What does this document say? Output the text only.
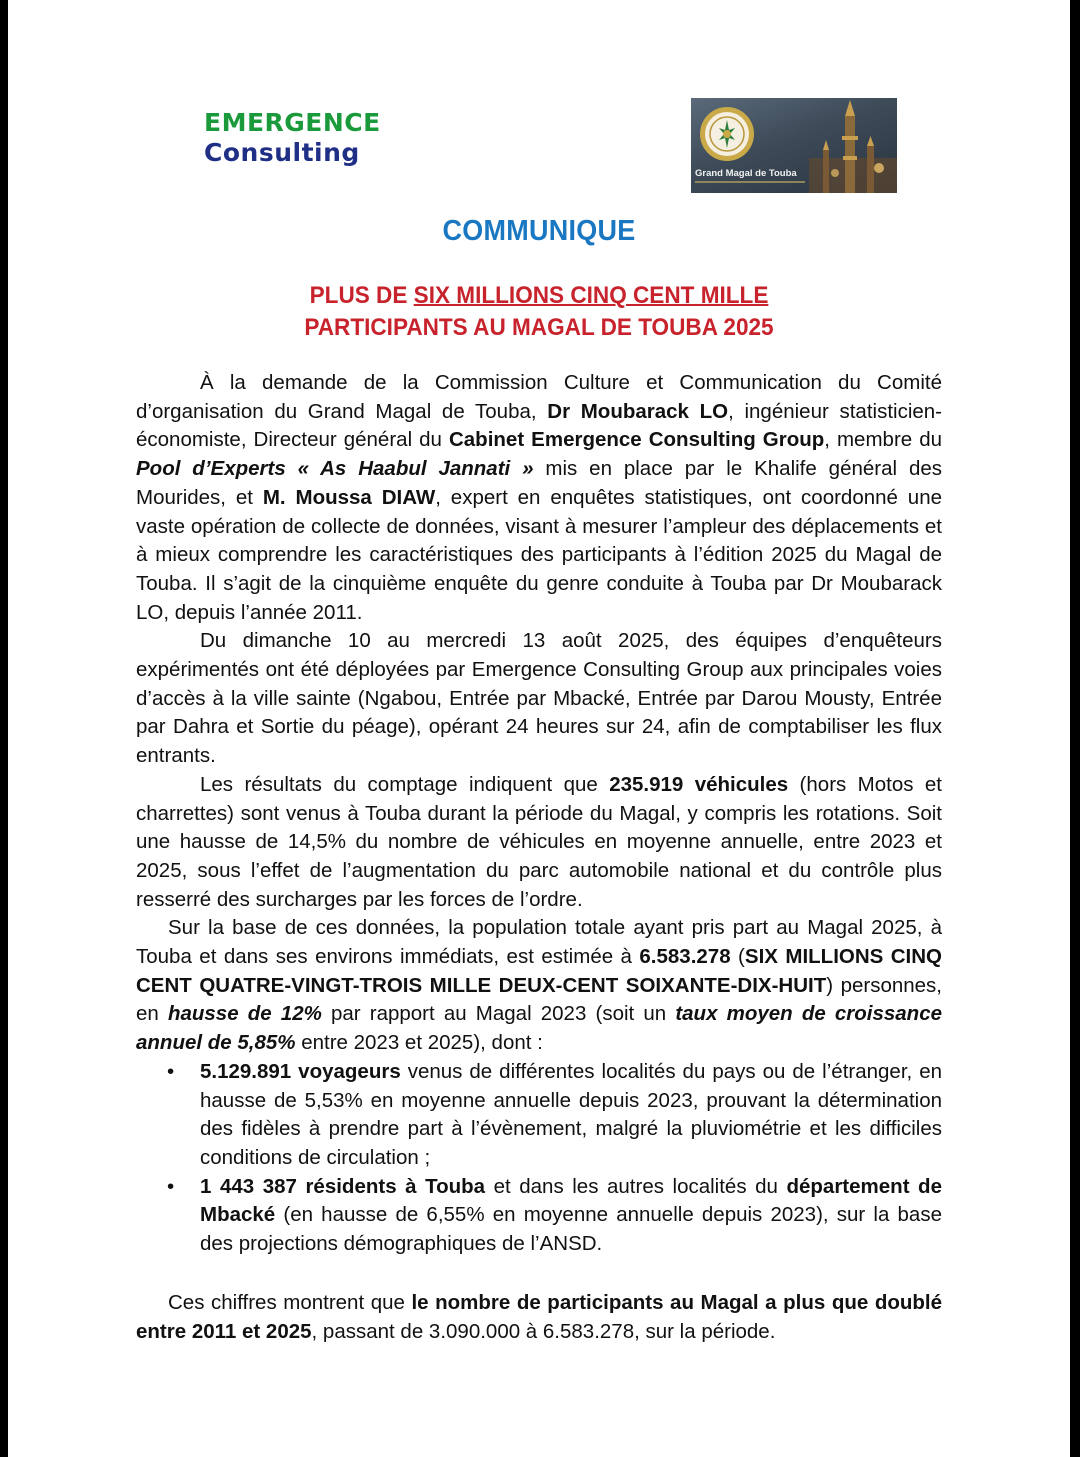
EMERGENCE
Consulting
Grand Magal de Touba
COMMUNIQUE
PLUS DE SIX MILLIONS CINQ CENT MILLE
PARTICIPANTS AU MAGAL DE TOUBA 2025

À la demande de la Commission Culture et Communication du Comité d’organisation du Grand Magal de Touba, Dr Moubarack LO, ingénieur statisticien-économiste, Directeur général du Cabinet Emergence Consulting Group, membre du Pool d’Experts « As Haabul Jannati » mis en place par le Khalife général des Mourides, et M. Moussa DIAW, expert en enquêtes statistiques, ont coordonné une vaste opération de collecte de données, visant à mesurer l’ampleur des déplacements et à mieux comprendre les caractéristiques des participants à l’édition 2025 du Magal de Touba. Il s’agit de la cinquième enquête du genre conduite à Touba par Dr Moubarack LO, depuis l’année 2011.

Du dimanche 10 au mercredi 13 août 2025, des équipes d’enquêteurs expérimentés ont été déployées par Emergence Consulting Group aux principales voies d’accès à la ville sainte (Ngabou, Entrée par Mbacké, Entrée par Darou Mousty, Entrée par Dahra et Sortie du péage), opérant 24 heures sur 24, afin de comptabiliser les flux entrants.

Les résultats du comptage indiquent que 235.919 véhicules (hors Motos et charrettes) sont venus à Touba durant la période du Magal, y compris les rotations. Soit une hausse de 14,5% du nombre de véhicules en moyenne annuelle, entre 2023 et 2025, sous l’effet de l’augmentation du parc automobile national et du contrôle plus resserré des surcharges par les forces de l’ordre.

Sur la base de ces données, la population totale ayant pris part au Magal 2025, à Touba et dans ses environs immédiats, est estimée à 6.583.278 (SIX MILLIONS CINQ CENT QUATRE-VINGT-TROIS MILLE DEUX-CENT SOIXANTE-DIX-HUIT) personnes, en hausse de 12% par rapport au Magal 2023 (soit un taux moyen de croissance annuel de 5,85% entre 2023 et 2025), dont :

• 5.129.891 voyageurs venus de différentes localités du pays ou de l’étranger, en hausse de 5,53% en moyenne annuelle depuis 2023, prouvant la détermination des fidèles à prendre part à l’évènement, malgré la pluviométrie et les difficiles conditions de circulation ;
• 1 443 387 résidents à Touba et dans les autres localités du département de Mbacké (en hausse de 6,55% en moyenne annuelle depuis 2023), sur la base des projections démographiques de l’ANSD.

Ces chiffres montrent que le nombre de participants au Magal a plus que doublé entre 2011 et 2025, passant de 3.090.000 à 6.583.278, sur la période.
